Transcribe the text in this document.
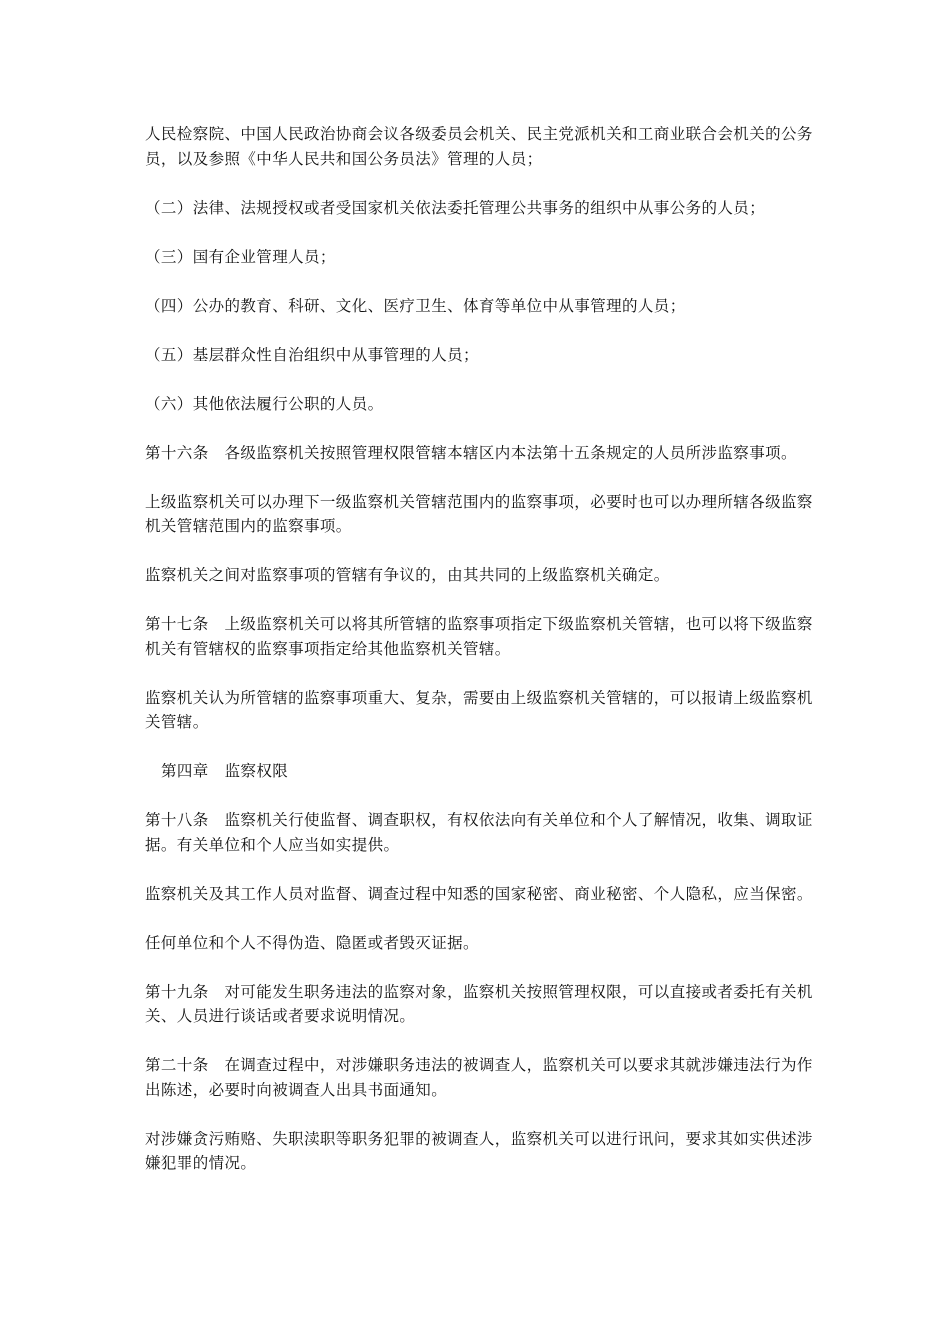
人民检察院、中国人民政治协商会议各级委员会机关、民主党派机关和工商业联合会机关的公务员，以及参照《中华人民共和国公务员法》管理的人员；

（二）法律、法规授权或者受国家机关依法委托管理公共事务的组织中从事公务的人员；

（三）国有企业管理人员；

（四）公办的教育、科研、文化、医疗卫生、体育等单位中从事管理的人员；

（五）基层群众性自治组织中从事管理的人员；

（六）其他依法履行公职的人员。

第十六条　各级监察机关按照管理权限管辖本辖区内本法第十五条规定的人员所涉监察事项。

上级监察机关可以办理下一级监察机关管辖范围内的监察事项，必要时也可以办理所辖各级监察机关管辖范围内的监察事项。

监察机关之间对监察事项的管辖有争议的，由其共同的上级监察机关确定。

第十七条　上级监察机关可以将其所管辖的监察事项指定下级监察机关管辖，也可以将下级监察机关有管辖权的监察事项指定给其他监察机关管辖。

监察机关认为所管辖的监察事项重大、复杂，需要由上级监察机关管辖的，可以报请上级监察机关管辖。

第四章　监察权限

第十八条　监察机关行使监督、调查职权，有权依法向有关单位和个人了解情况，收集、调取证据。有关单位和个人应当如实提供。

监察机关及其工作人员对监督、调查过程中知悉的国家秘密、商业秘密、个人隐私，应当保密。

任何单位和个人不得伪造、隐匿或者毁灭证据。

第十九条　对可能发生职务违法的监察对象，监察机关按照管理权限，可以直接或者委托有关机关、人员进行谈话或者要求说明情况。

第二十条　在调查过程中，对涉嫌职务违法的被调查人，监察机关可以要求其就涉嫌违法行为作出陈述，必要时向被调查人出具书面通知。

对涉嫌贪污贿赂、失职渎职等职务犯罪的被调查人，监察机关可以进行讯问，要求其如实供述涉嫌犯罪的情况。
